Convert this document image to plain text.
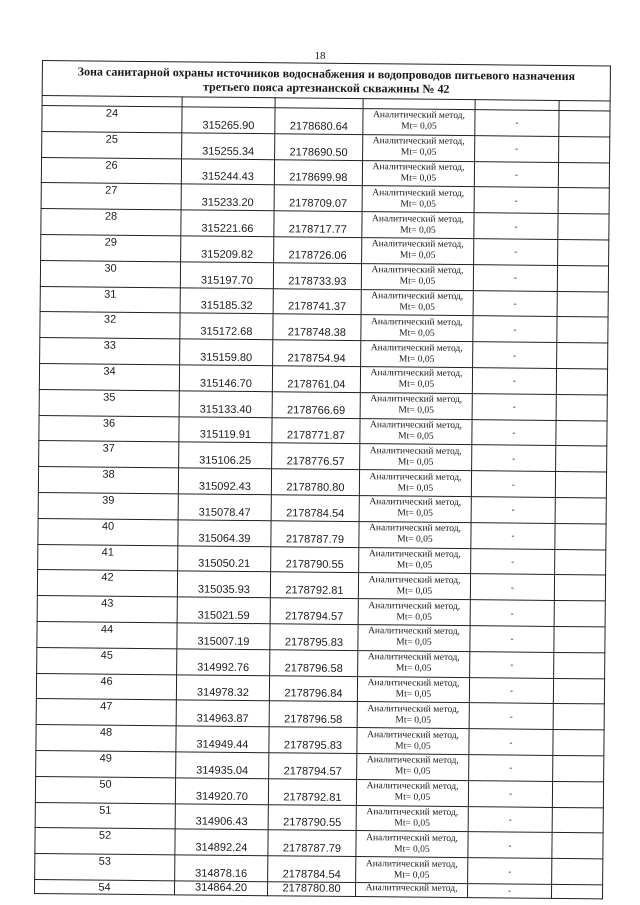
18
Зона санитарной охраны источников водоснабжения и водопроводов питьевого назначения
третьего пояса артезианской скважины № 42					

24	315265.90	2178680.64	Аналитический метод,
Mt= 0,05	-	
25	315255.34	2178690.50	Аналитический метод,
Mt= 0,05	-	
26	315244.43	2178699.98	Аналитический метод,
Mt= 0,05	-	
27	315233.20	2178709.07	Аналитический метод,
Mt= 0,05	-	
28	315221.66	2178717.77	Аналитический метод,
Mt= 0,05	-	
29	315209.82	2178726.06	Аналитический метод,
Mt= 0,05	-	
30	315197.70	2178733.93	Аналитический метод,
Mt= 0,05	-	
31	315185.32	2178741.37	Аналитический метод,
Mt= 0,05	-	
32	315172.68	2178748.38	Аналитический метод,
Mt= 0,05	-	
33	315159.80	2178754.94	Аналитический метод,
Mt= 0,05	-	
34	315146.70	2178761.04	Аналитический метод,
Mt= 0,05	-	
35	315133.40	2178766.69	Аналитический метод,
Mt= 0,05	-	
36	315119.91	2178771.87	Аналитический метод,
Mt= 0,05	-	
37	315106.25	2178776.57	Аналитический метод,
Mt= 0,05	-	
38	315092.43	2178780.80	Аналитический метод,
Mt= 0,05	-	
39	315078.47	2178784.54	Аналитический метод,
Mt= 0,05	-	
40	315064.39	2178787.79	Аналитический метод,
Mt= 0,05	-	
41	315050.21	2178790.55	Аналитический метод,
Mt= 0,05	-	
42	315035.93	2178792.81	Аналитический метод,
Mt= 0,05	-	
43	315021.59	2178794.57	Аналитический метод,
Mt= 0,05	-	
44	315007.19	2178795.83	Аналитический метод,
Mt= 0,05	-	
45	314992.76	2178796.58	Аналитический метод,
Mt= 0,05	-	
46	314978.32	2178796.84	Аналитический метод,
Mt= 0,05	-	
47	314963.87	2178796.58	Аналитический метод,
Mt= 0,05	-	
48	314949.44	2178795.83	Аналитический метод,
Mt= 0,05	-	
49	314935.04	2178794.57	Аналитический метод,
Mt= 0,05	-	
50	314920.70	2178792.81	Аналитический метод,
Mt= 0,05	-	
51	314906.43	2178790.55	Аналитический метод,
Mt= 0,05	-	
52	314892.24	2178787.79	Аналитический метод,
Mt= 0,05	-	
53	314878.16	2178784.54	Аналитический метод,
Mt= 0,05	-	
54	314864.20	2178780.80	Аналитический метод,	-	
